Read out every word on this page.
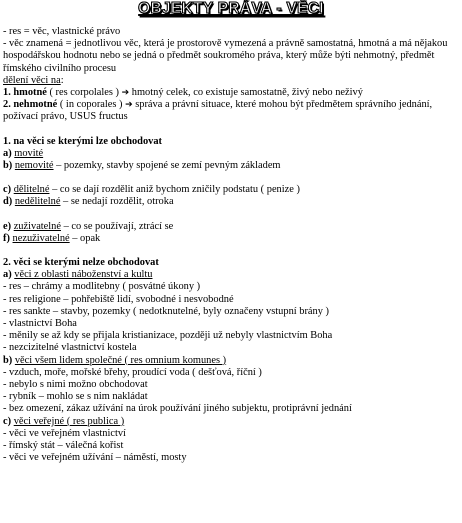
OBJEKTY PRÁVA - VĚCI
- res = věc, vlastnické právo
- věc znamená = jednotlivou věc, která je prostorově vymezená a právně samostatná, hmotná a má nějakou hospodářskou hodnotu nebo se jedná o předmět soukromého práva, který může býti nehmotný, předmět římského civilního procesu
dělení věci na:
1. hmotné ( res corpolales ) ➔ hmotný celek, co existuje samostatně, živý nebo neživý
2. nehmotné ( in coporales ) ➔ správa a právní situace, které mohou být předmětem správního jednání, požívací právo, USUS fructus
1. na věci se kterými lze obchodovat
a) movité
b) nemovité – pozemky, stavby spojené se zemí pevným základem
c) dělitelné – co se dají rozdělit aniž bychom zničily podstatu ( penize )
d) nedělitelné – se nedají rozdělit, otroka
e) zuživatelné – co se používají, ztrácí se
f) nezuživatelné – opak
2. věci se kterými nelze obchodovat
a) věci z oblasti náboženství a kultu
- res – chrámy a modlitebny ( posvátné úkony )
- res religione – pohřebiště lidí, svobodné i nesvobodné
- res sankte – stavby, pozemky ( nedotknutelné, byly označeny vstupní brány )
- vlastnictví Boha
- měnily se až kdy se přijala kristianizace, později už nebyly vlastnictvím Boha
- nezcizitelné vlastnictví kostela
b) věci všem lidem společné ( res omnium komunes )
- vzduch, moře, mořské břehy, proudící voda ( dešťová, říční )
- nebylo s nimi možno obchodovat
- rybník – mohlo se s nim nakládat
- bez omezení, zákaz užívání na úrok používání jiného subjektu, protiprávní jednání
c) věci veřejné ( res publica )
- věci ve veřejném vlastnictví
- římský stát – válečná kořist
- věci ve veřejném užívání – náměstí, mosty
